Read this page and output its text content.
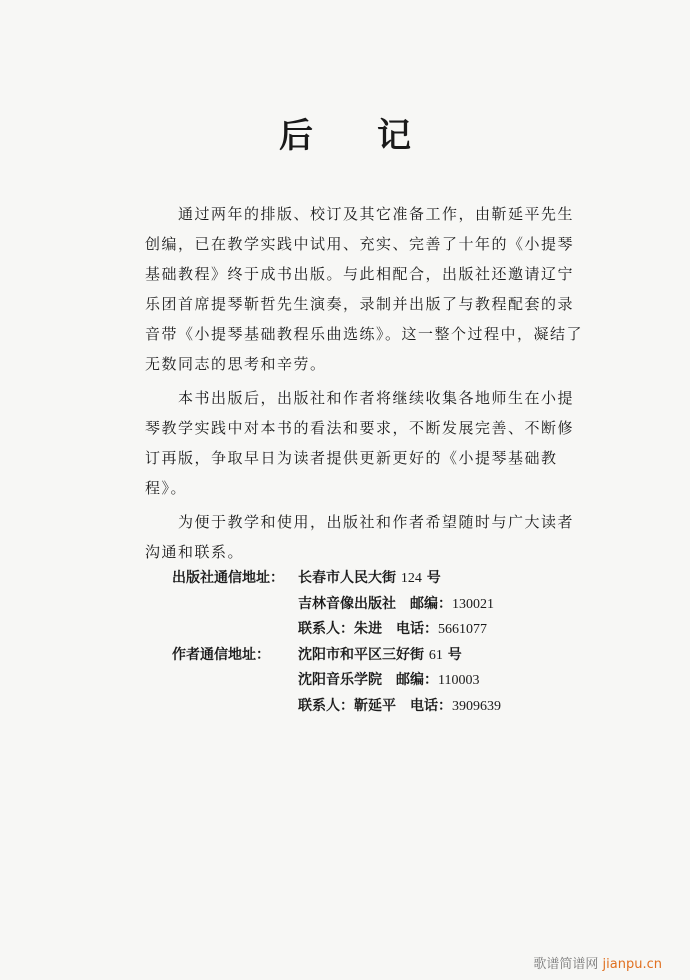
后记
通过两年的排版、校订及其它准备工作，由靳延平先生
创编，已在教学实践中试用、充实、完善了十年的《小提琴
基础教程》终于成书出版。与此相配合，出版社还邀请辽宁
乐团首席提琴靳哲先生演奏，录制并出版了与教程配套的录
音带《小提琴基础教程乐曲选练》。这一整个过程中，凝结了
无数同志的思考和辛劳。
本书出版后，出版社和作者将继续收集各地师生在小提
琴教学实践中对本书的看法和要求，不断发展完善、不断修
订再版，争取早日为读者提供更新更好的《小提琴基础教
程》。
为便于教学和使用，出版社和作者希望随时与广大读者
沟通和联系。
出版社通信地址： 长春市人民大街 124 号
吉林音像出版社  邮编：130021
联系人：朱进  电话：5661077
作者通信地址： 沈阳市和平区三好街 61 号
沈阳音乐学院  邮编：110003
联系人：靳延平  电话：3909639
歌谱简谱网 jianpu.cn
